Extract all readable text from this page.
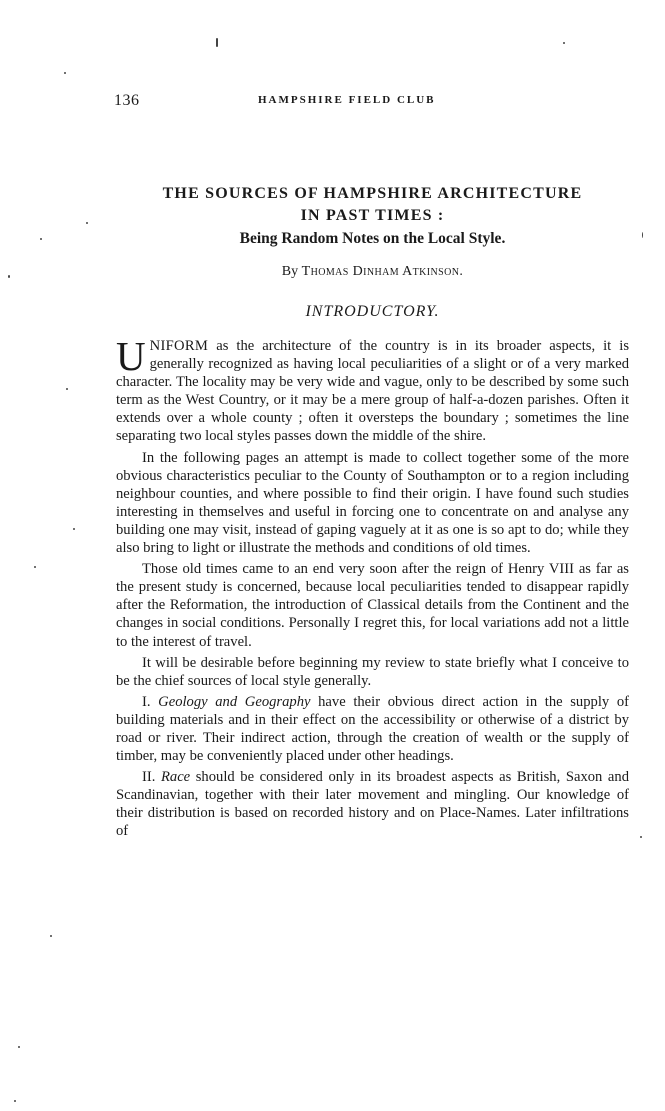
136	HAMPSHIRE FIELD CLUB
THE SOURCES OF HAMPSHIRE ARCHITECTURE
IN PAST TIMES :
Being Random Notes on the Local Style.
By Thomas Dinham Atkinson.
INTRODUCTORY.

UNIFORM as the architecture of the country is in its broader aspects, it is generally recognized as having local peculiarities of a slight or of a very marked character. The locality may be very wide and vague, only to be described by some such term as the West Country, or it may be a mere group of half-a-dozen parishes. Often it extends over a whole county ; often it oversteps the boundary ; sometimes the line separating two local styles passes down the middle of the shire.

In the following pages an attempt is made to collect together some of the more obvious characteristics peculiar to the County of Southampton or to a region including neighbour counties, and where possible to find their origin. I have found such studies interesting in themselves and useful in forcing one to concentrate on and analyse any building one may visit, instead of gaping vaguely at it as one is so apt to do; while they also bring to light or illustrate the methods and conditions of old times.

Those old times came to an end very soon after the reign of Henry VIII as far as the present study is concerned, because local peculiarities tended to disappear rapidly after the Reformation, the introduction of Classical details from the Continent and the changes in social conditions. Personally I regret this, for local variations add not a little to the interest of travel.

It will be desirable before beginning my review to state briefly what I conceive to be the chief sources of local style generally.

I. Geology and Geography have their obvious direct action in the supply of building materials and in their effect on the accessibility or otherwise of a district by road or river. Their indirect action, through the creation of wealth or the supply of timber, may be conveniently placed under other headings.

II. Race should be considered only in its broadest aspects as British, Saxon and Scandinavian, together with their later movement and mingling. Our knowledge of their distribution is based on recorded history and on Place-Names. Later infiltrations of
